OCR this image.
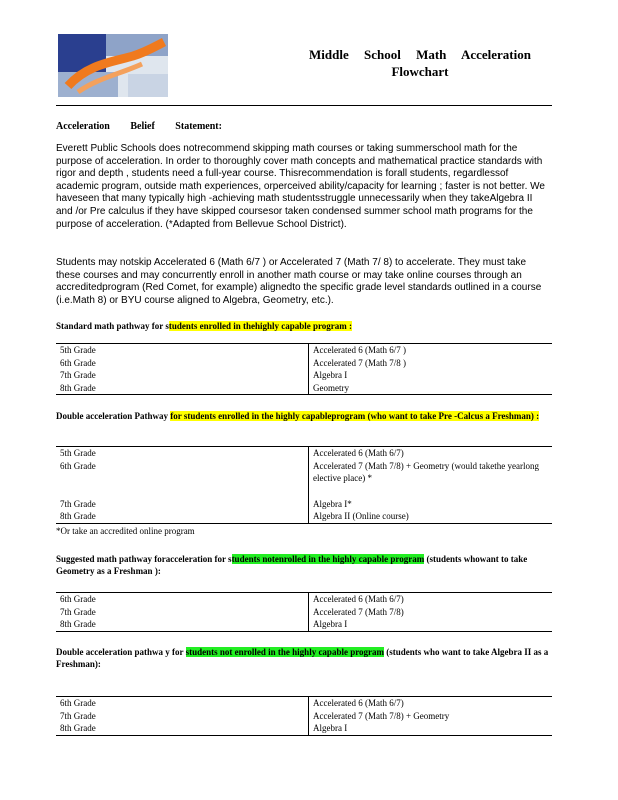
Middle School Math Acceleration
Flowchart
Acceleration Belief Statement:
Everett Public Schools does notrecommend skipping math courses or taking summerschool math for the purpose of acceleration. In order to thoroughly cover math concepts and mathematical practice standards with rigor and depth , students need a full-year course. Thisrecommendation is forall students, regardlessof academic program, outside math experiences, orperceived ability/capacity for learning ; faster is not better. We haveseen that many typically high -achieving math studentsstruggle unnecessarily when they takeAlgebra II and /or Pre calculus if they have skipped coursesor taken condensed summer school math programs for the purpose of acceleration. (*Adapted from Bellevue School District).
Students may notskip Accelerated 6 (Math 6/7 ) or Accelerated 7 (Math 7/ 8) to accelerate. They must take these courses and may concurrently enroll in another math course or may take online courses through an accreditedprogram (Red Comet, for example) alignedto the specific grade level standards outlined in a course (i.e.Math 8) or BYU course aligned to Algebra, Geometry, etc.).
Standard math pathway for students enrolled in thehighly capable program :
5th Grade	Accelerated 6 (Math 6/7 )
6th Grade	Accelerated 7 (Math 7/8 )
7th Grade	Algebra I
8th Grade	Geometry
Double acceleration Pathway for students enrolled in the highly capableprogram (who want to take Pre -Calcus a Freshman) :
5th Grade	Accelerated 6 (Math 6/7)
6th Grade	Accelerated 7 (Math 7/8) + Geometry (would takethe yearlong elective place) *
7th Grade	Algebra I*
8th Grade	Algebra II (Online course)
*Or take an accredited online program
Suggested math pathway foracceleration for students notenrolled in the highly capable program (students whowant to take Geometry as a Freshman ):
6th Grade	Accelerated 6 (Math 6/7)
7th Grade	Accelerated 7 (Math 7/8)
8th Grade	Algebra I
Double acceleration pathwa y for students not enrolled in the highly capable program (students who want to take Algebra II as a Freshman):
6th Grade	Accelerated 6 (Math 6/7)
7th Grade	Accelerated 7 (Math 7/8) + Geometry
8th Grade	Algebra I
